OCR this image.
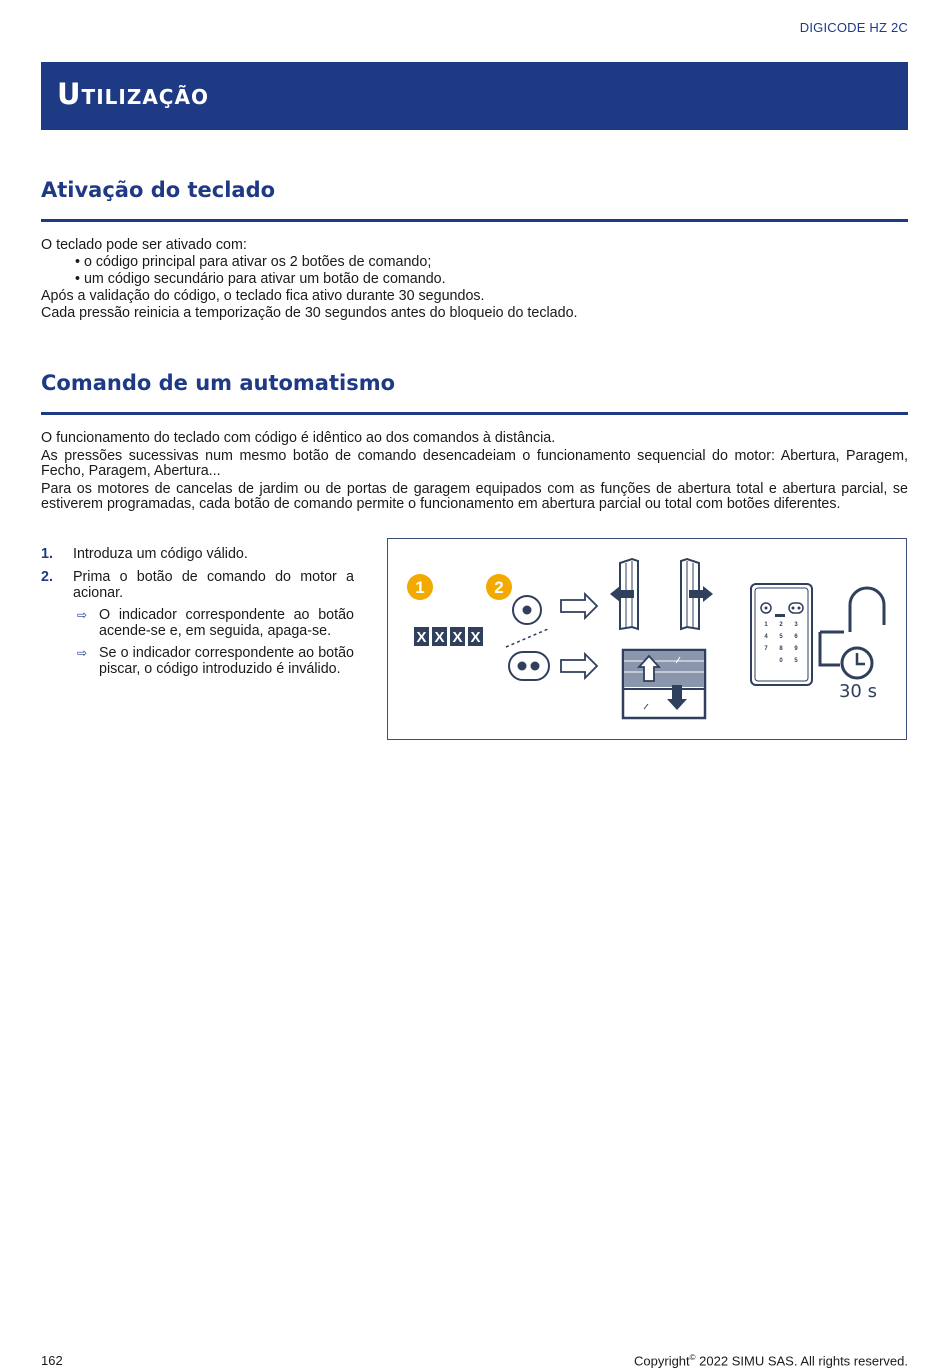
DIGICODE HZ 2C
Utilização
Ativação do teclado

O teclado pode ser ativado com:

• o código principal para ativar os 2 botões de comando;

• um código secundário para ativar um botão de comando.

Após a validação do código, o teclado fica ativo durante 30 segundos.

Cada pressão reinicia a temporização de 30 segundos antes do bloqueio do teclado.

Comando de um automatismo

O funcionamento do teclado com código é idêntico ao dos comandos à distância.

As pressões sucessivas num mesmo botão de comando desencadeiam o funcionamento sequencial do motor: Abertura, Paragem, Fecho, Paragem, Abertura...

Para os motores de cancelas de jardim ou de portas de garagem equipados com as funções de abertura total e abertura parcial, se estiverem programadas, cada botão de comando permite o funcionamento em abertura parcial ou total com botões diferentes.

1.	Introduza um código válido.
2.	Prima o botão de comando do motor a acionar.
⇨ O indicador correspondente ao botão acende-se e, em seguida, apaga-se.
⇨ Se o indicador correspondente ao botão piscar, o código introduzido é inválido.
1	2
X X X X
1 2 3
4 5 6
7 8 9
0 5
30 s
162	Copyright© 2022 SIMU SAS. All rights reserved.
